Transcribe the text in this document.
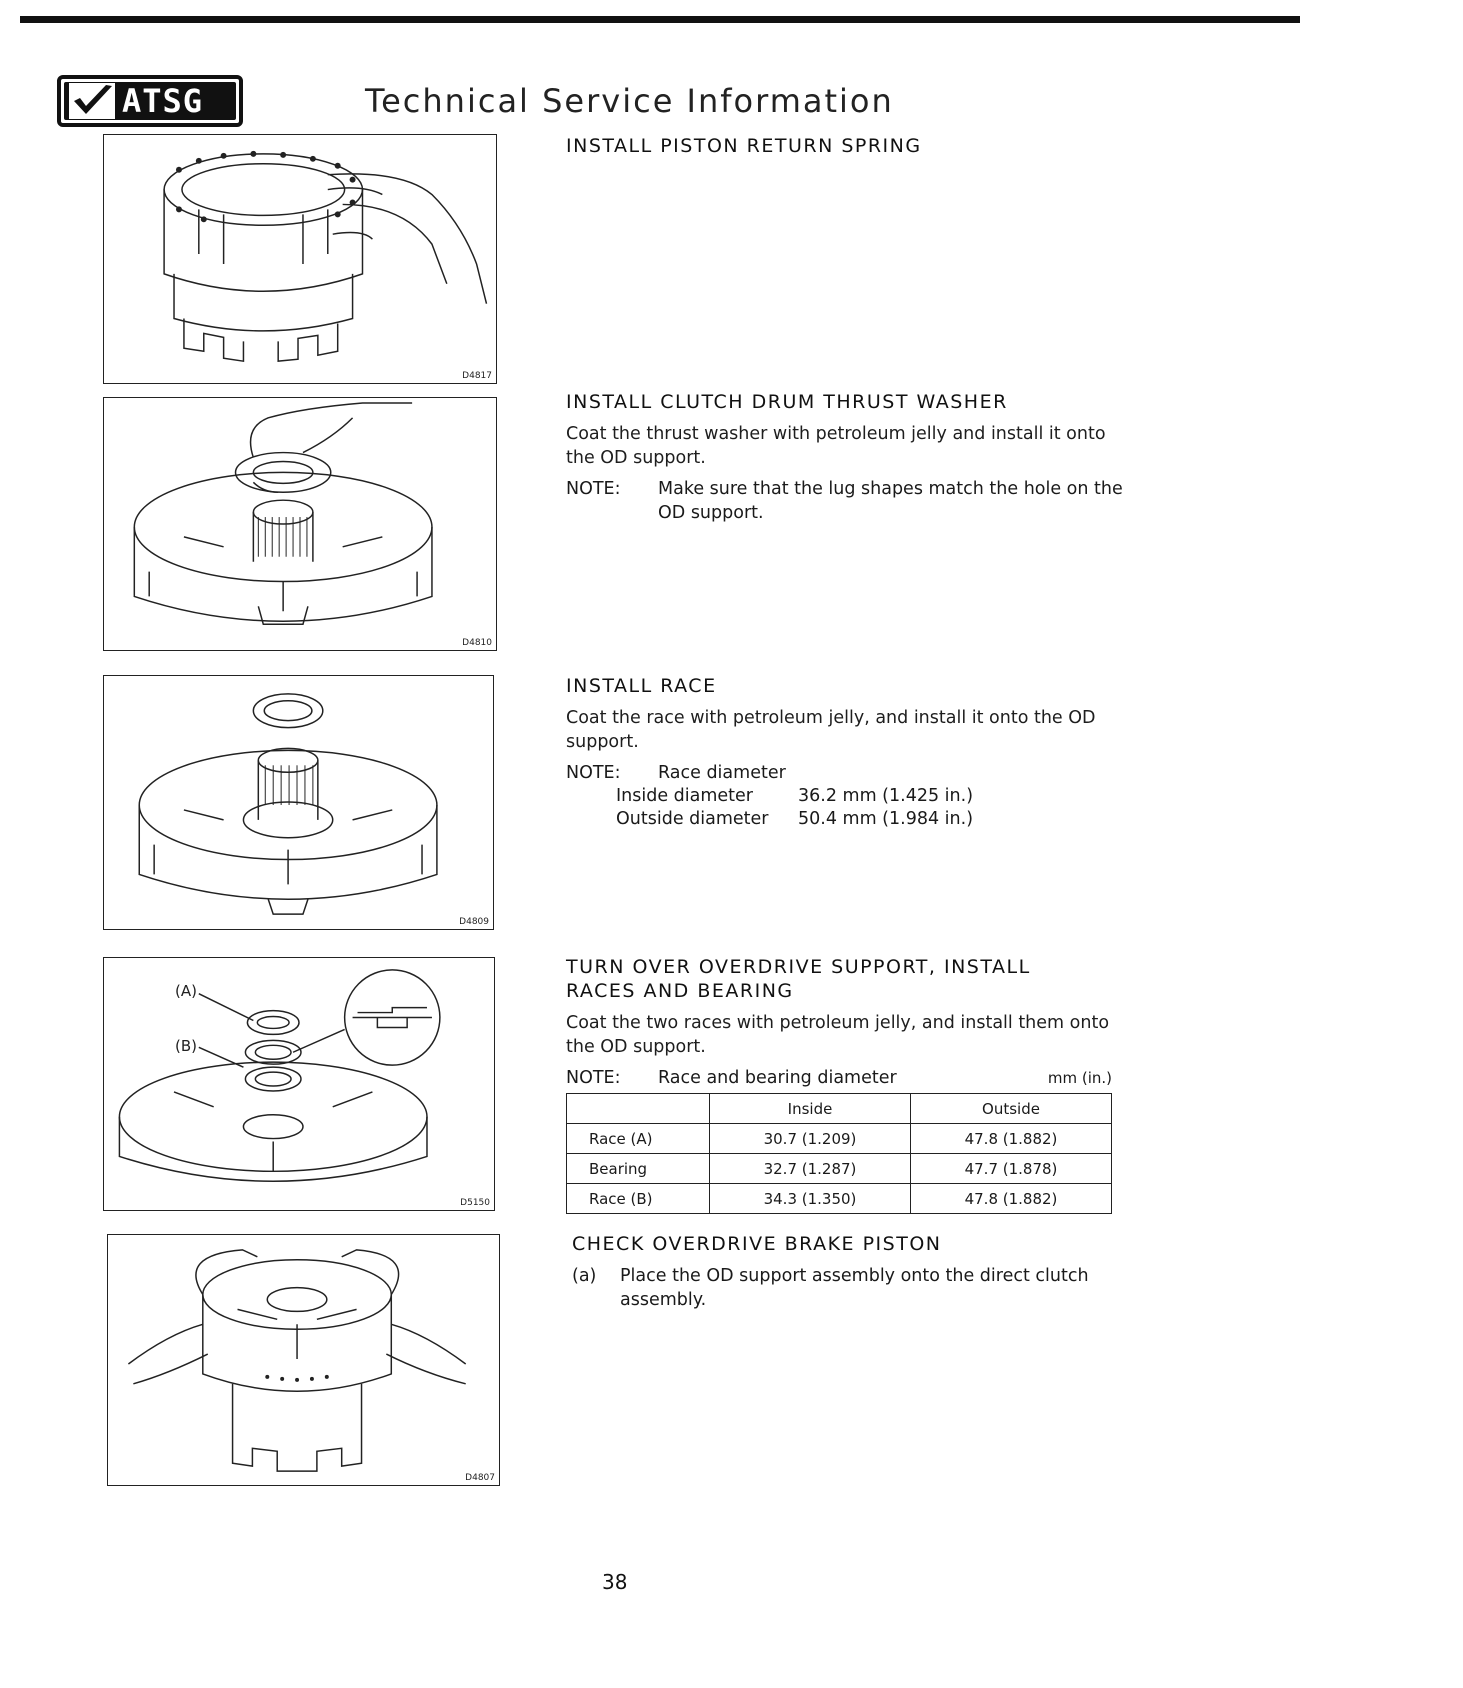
ATSG	Technical Service Information
D4817
D4810
D4809
(A)
(B)
D5150
D4807
INSTALL PISTON RETURN SPRING
INSTALL CLUTCH DRUM THRUST WASHER

Coat the thrust washer with petroleum jelly and install it onto the OD support.

NOTE:	Make sure that the lug shapes match the hole on the OD support.
INSTALL RACE

Coat the race with petroleum jelly, and install it onto the OD support.

NOTE:	Race diameter
Inside diameter	36.2 mm (1.425 in.)
Outside diameter	50.4 mm (1.984 in.)
TURN OVER OVERDRIVE SUPPORT, INSTALL
RACES AND BEARING

Coat the two races with petroleum jelly, and install them onto the OD support.

NOTE:	Race and bearing diameter	mm (in.)
	Inside	Outside
Race (A)	30.7 (1.209)	47.8 (1.882)
Bearing	32.7 (1.287)	47.7 (1.878)
Race (B)	34.3 (1.350)	47.8 (1.882)
CHECK OVERDRIVE BRAKE PISTON
(a)	Place the OD support assembly onto the direct clutch assembly.
38
